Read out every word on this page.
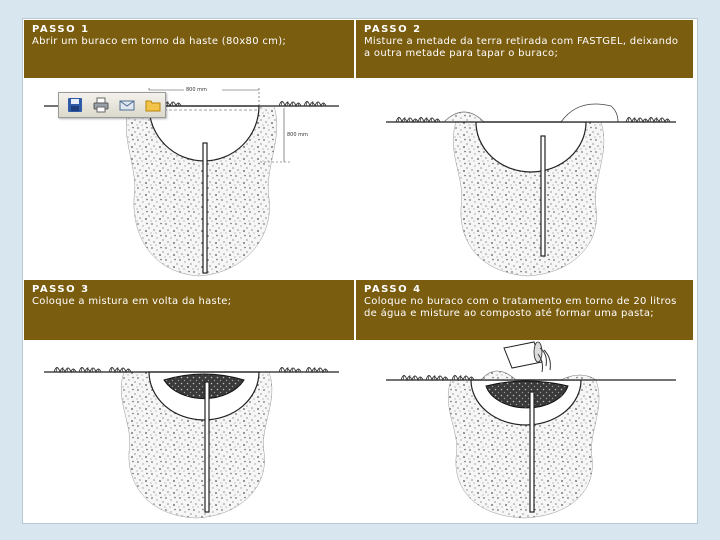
PASSO 1
Abrir um buraco em torno da haste (80x80 cm);
800 mm
800 mm
PASSO 2
Misture a metade da terra retirada com FASTGEL, deixando a outra metade para tapar o buraco;
PASSO 3
Coloque a mistura em volta da haste;
PASSO 4
Coloque no buraco com o tratamento em torno de 20 litros de água e misture ao composto até formar uma pasta;
